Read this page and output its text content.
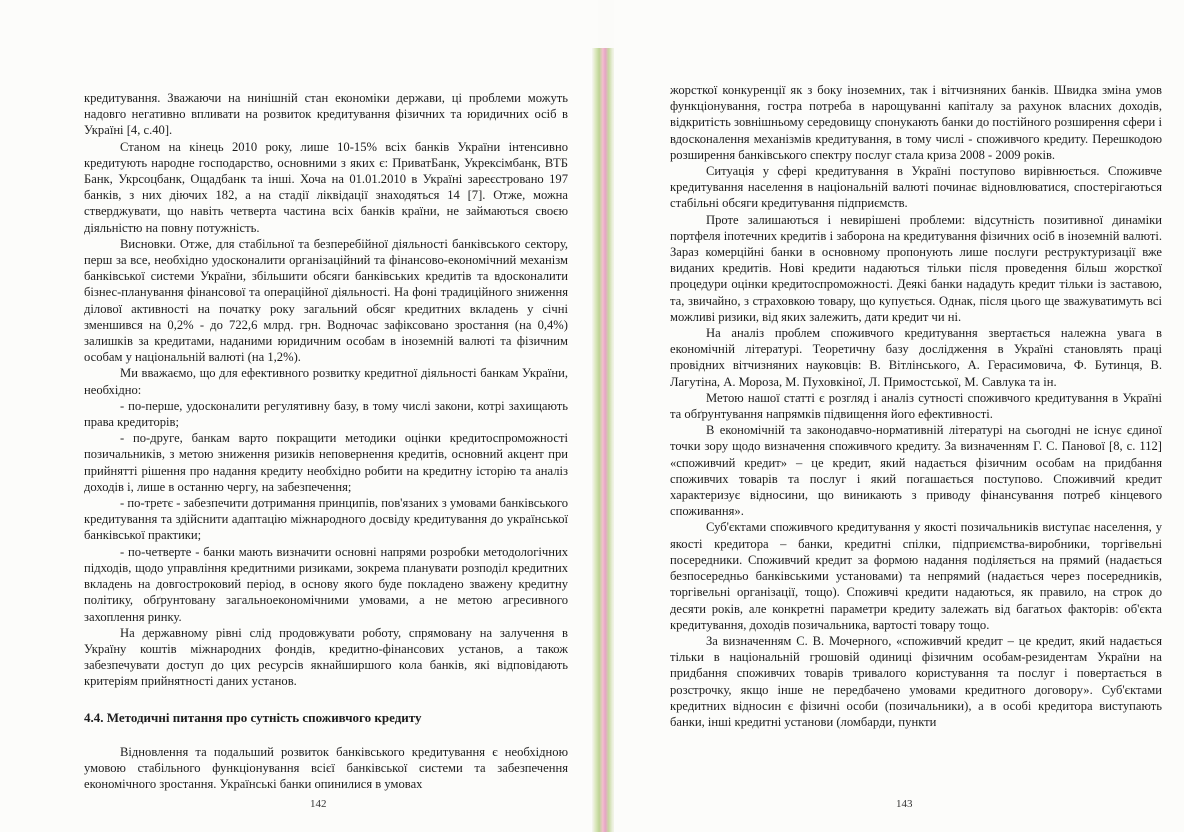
кредитування. Зважаючи на нинішній стан економіки держави, ці проблеми можуть надовго негативно впливати на розвиток кредитування фізичних та юридичних осіб в Україні [4, с.40].

Станом на кінець 2010 року, лише 10-15% всіх банків України інтенсивно кредитують народне господарство, основними з яких є: ПриватБанк, Укрексімбанк, ВТБ Банк, Укрсоцбанк, Ощадбанк та інші. Хоча на 01.01.2010 в Україні зареєстровано 197 банків, з них діючих 182, а на стадії ліквідації знаходяться 14 [7]. Отже, можна стверджувати, що навіть четверта частина всіх банків країни, не займаються своєю діяльністю на повну потужність.

Висновки. Отже, для стабільної та безперебійної діяльності банківського сектору, перш за все, необхідно удосконалити організаційний та фінансово-економічний механізм банківської системи України, збільшити обсяги банківських кредитів та вдосконалити бізнес-планування фінансової та операційної діяльності. На фоні традиційного зниження ділової активності на початку року загальний обсяг кредитних вкладень у січні зменшився на 0,2% - до 722,6 млрд. грн. Водночас зафіксовано зростання (на 0,4%) залишків за кредитами, наданими юридичним особам в іноземній валюті та фізичним особам у національній валюті (на 1,2%).

Ми вважаємо, що для ефективного розвитку кредитної діяльності банкам України, необхідно:

- по-перше, удосконалити регулятивну базу, в тому числі закони, котрі захищають права кредиторів;

- по-друге, банкам варто покращити методики оцінки кредитоспроможності позичальників, з метою зниження ризиків неповернення кредитів, основний акцент при прийнятті рішення про надання кредиту необхідно робити на кредитну історію та аналіз доходів і, лише в останню чергу, на забезпечення;

- по-третє - забезпечити дотримання принципів, пов'язаних з умовами банківського кредитування та здійснити адаптацію міжнародного досвіду кредитування до української банківської практики;

- по-четверте - банки мають визначити основні напрями розробки методологічних підходів, щодо управління кредитними ризиками, зокрема планувати розподіл кредитних вкладень на довгостроковий період, в основу якого буде покладено зважену кредитну політику, обґрунтовану загальноекономічними умовами, а не метою агресивного захоплення ринку.

На державному рівні слід продовжувати роботу, спрямовану на залучення в Україну коштів міжнародних фондів, кредитно-фінансових установ, а також забезпечувати доступ до цих ресурсів якнайширшого кола банків, які відповідають критеріям прийнятності даних установ.

4.4. Методичні питання про сутність споживчого кредиту

Відновлення та подальший розвиток банківського кредитування є необхідною умовою стабільного функціонування всієї банківської системи та забезпечення економічного зростання. Українські банки опинилися в умовах

142

жорсткої конкуренції як з боку іноземних, так і вітчизняних банків. Швидка зміна умов функціонування, гостра потреба в нарощуванні капіталу за рахунок власних доходів, відкритість зовнішньому середовищу спонукають банки до постійного розширення сфери і вдосконалення механізмів кредитування, в тому числі - споживчого кредиту. Перешкодою розширення банківського спектру послуг стала криза 2008 - 2009 років.

Ситуація у сфері кредитування в Україні поступово вирівнюється. Споживче кредитування населення в національній валюті починає відновлюватися, спостерігаються стабільні обсяги кредитування підприємств.

Проте залишаються і невирішені проблеми: відсутність позитивної динаміки портфеля іпотечних кредитів і заборона на кредитування фізичних осіб в іноземній валюті. Зараз комерційні банки в основному пропонують лише послуги реструктуризації вже виданих кредитів. Нові кредити надаються тільки після проведення більш жорсткої процедури оцінки кредитоспроможності. Деякі банки нададуть кредит тільки із заставою, та, звичайно, з страховкою товару, що купується. Однак, після цього ще зважуватимуть всі можливі ризики, від яких залежить, дати кредит чи ні.

На аналіз проблем споживчого кредитування звертається належна увага в економічній літературі. Теоретичну базу дослідження в Україні становлять праці провідних вітчизняних науковців: В. Вітлінського, А. Герасимовича, Ф. Бутинця, В. Лагутіна, А. Мороза, М. Пуховкіної, Л. Примостської, М. Савлука та ін.

Метою нашої статті є розгляд і аналіз сутності споживчого кредитування в Україні та обґрунтування напрямків підвищення його ефективності.

В економічній та законодавчо-нормативній літературі на сьогодні не існує єдиної точки зору щодо визначення споживчого кредиту. За визначенням Г. С. Панової [8, с. 112] «споживчий кредит» – це кредит, який надається фізичним особам на придбання споживчих товарів та послуг і який погашається поступово. Споживчий кредит характеризує відносини, що виникають з приводу фінансування потреб кінцевого споживання».

Суб'єктами споживчого кредитування у якості позичальників виступає населення, у якості кредитора – банки, кредитні спілки, підприємства-виробники, торгівельні посередники. Споживчий кредит за формою надання поділяється на прямий (надається безпосередньо банківськими установами) та непрямий (надається через посередників, торгівельні організації, тощо). Споживчі кредити надаються, як правило, на строк до десяти років, але конкретні параметри кредиту залежать від багатьох факторів: об'єкта кредитування, доходів позичальника, вартості товару тощо.

За визначенням С. В. Мочерного, «споживчий кредит – це кредит, який надається тільки в національній грошовій одиниці фізичним особам-резидентам України на придбання споживчих товарів тривалого користування та послуг і повертається в розстрочку, якщо інше не передбачено умовами кредитного договору». Суб'єктами кредитних відносин є фізичні особи (позичальники), а в особі кредитора виступають банки, інші кредитні установи (ломбарди, пункти

143
